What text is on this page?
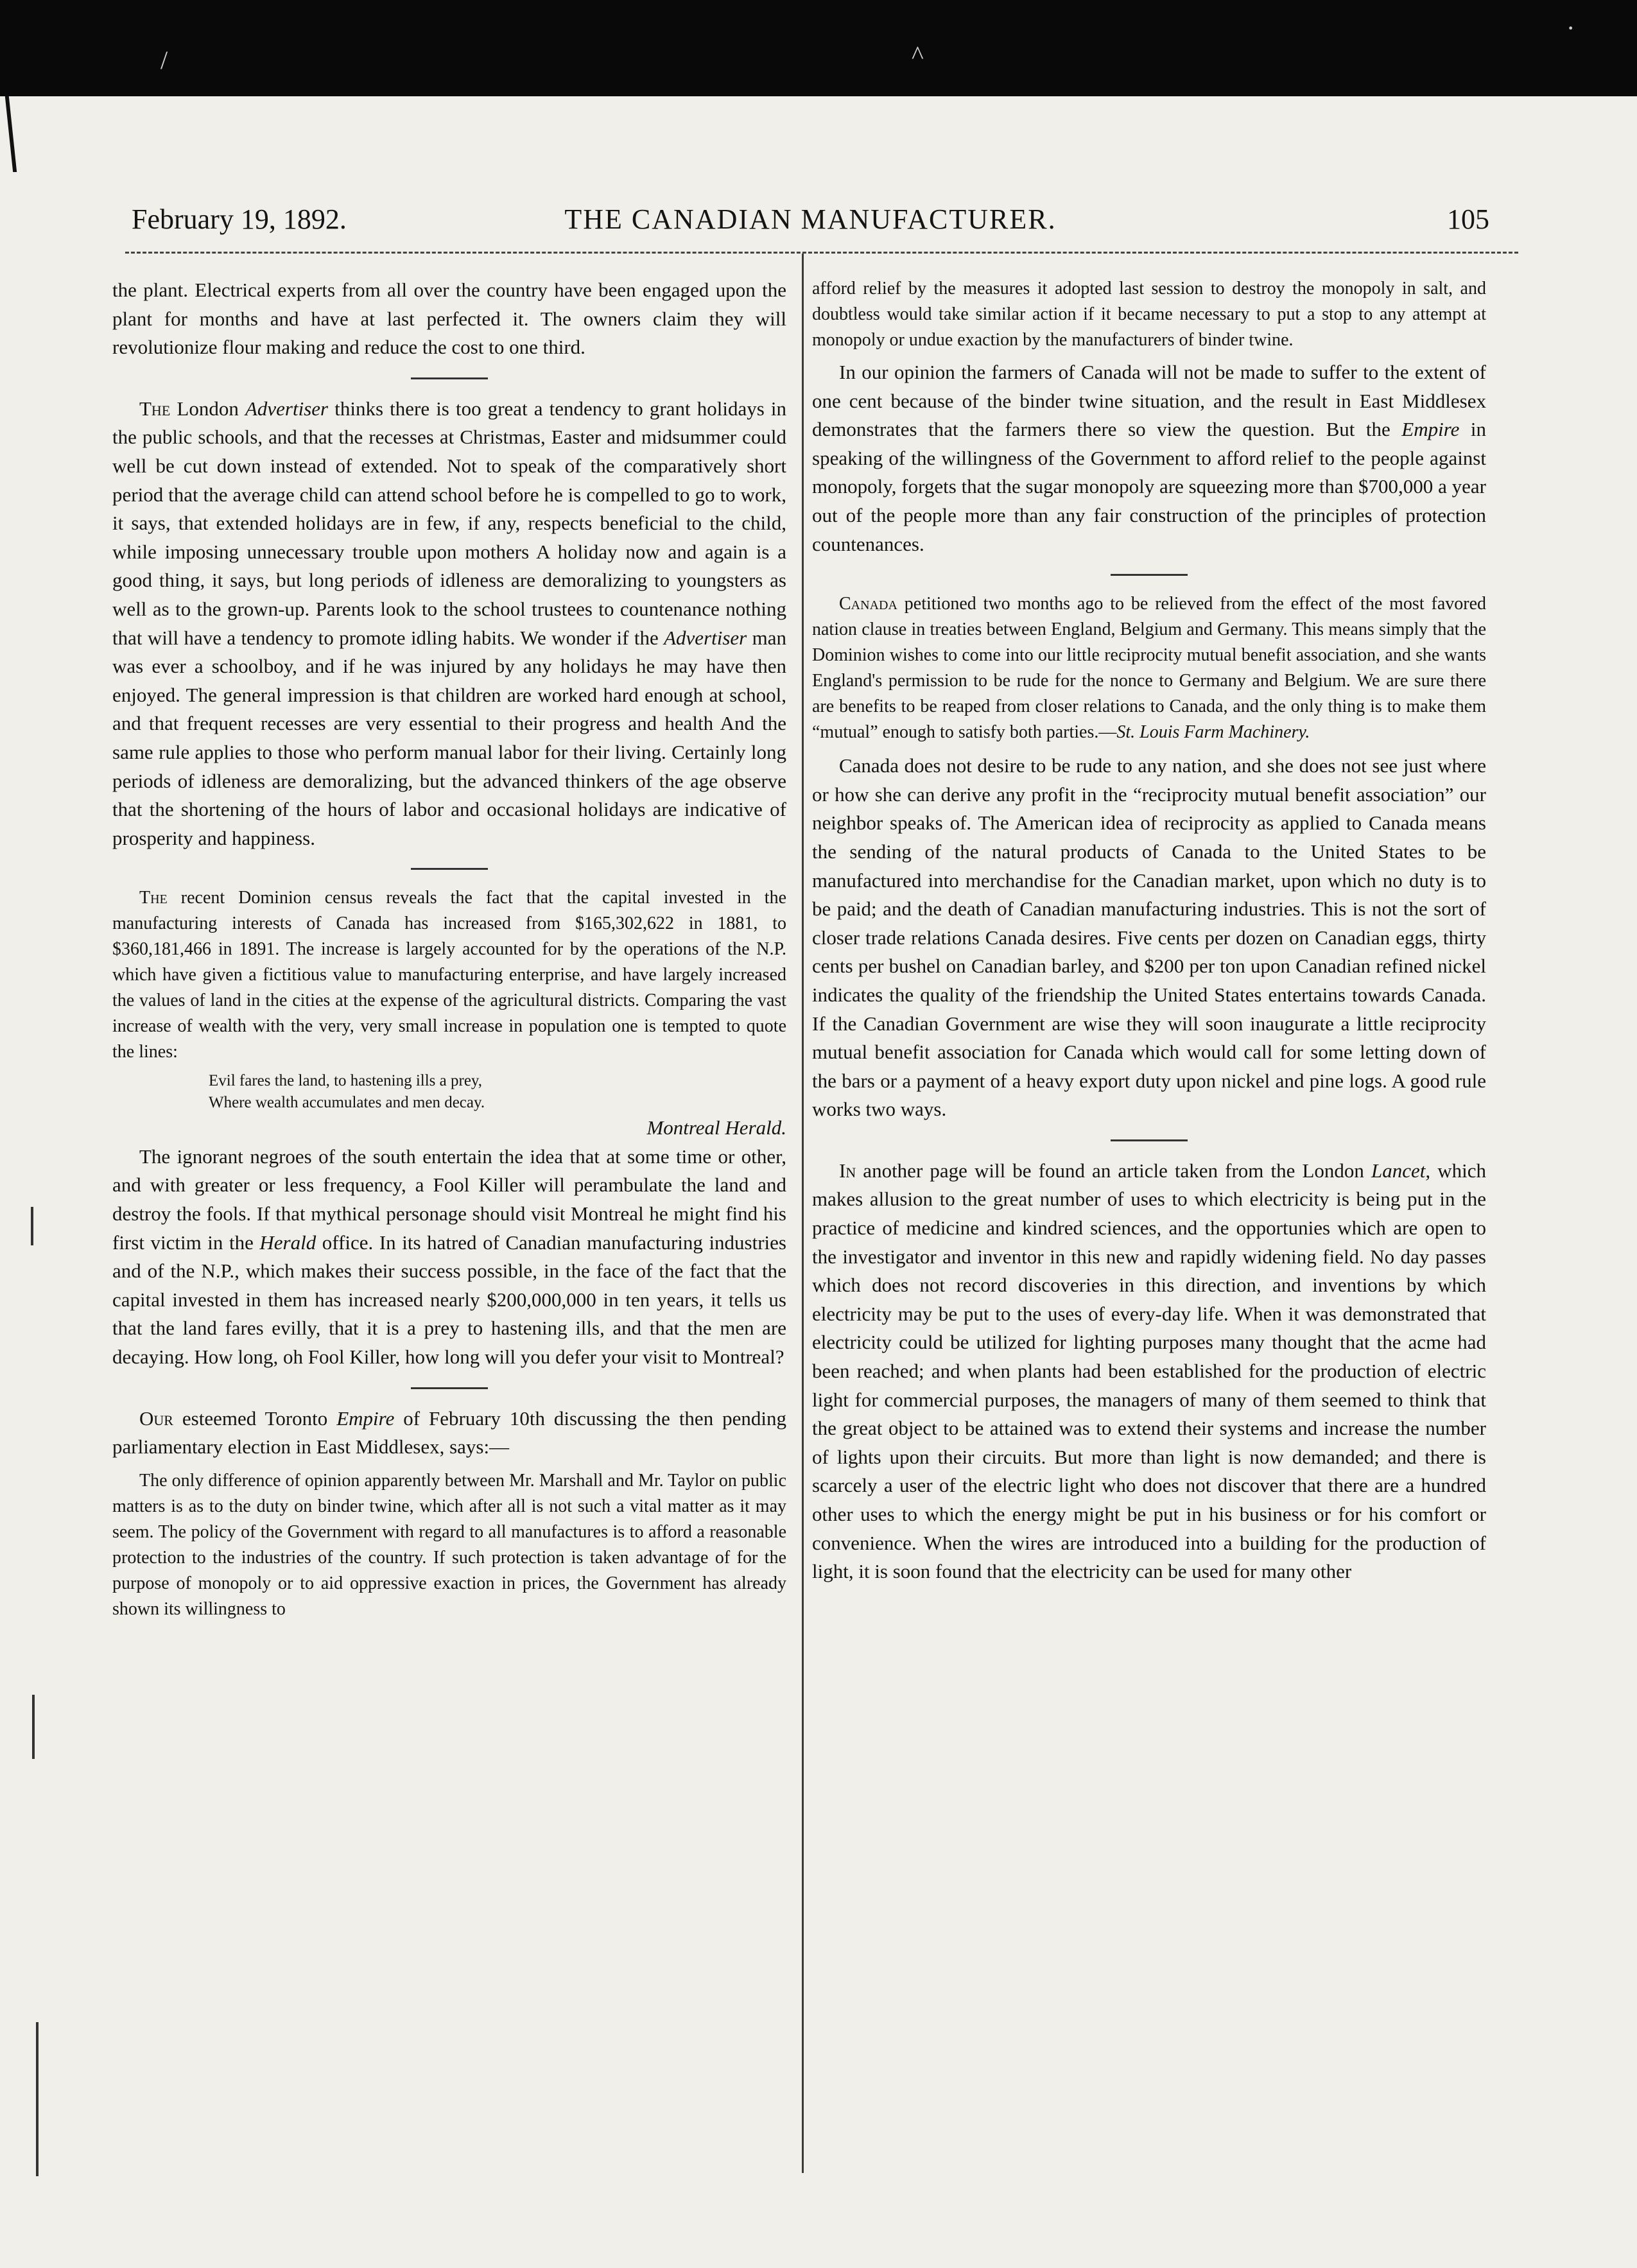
/	^
·
February 19, 1892.	THE CANADIAN MANUFACTURER.	105

the plant. Electrical experts from all over the country have been engaged upon the plant for months and have at last perfected it. The owners claim they will revolutionize flour making and reduce the cost to one third.

The London Advertiser thinks there is too great a tendency to grant holidays in the public schools, and that the recesses at Christmas, Easter and midsummer could well be cut down instead of extended. Not to speak of the comparatively short period that the average child can attend school before he is compelled to go to work, it says, that extended holidays are in few, if any, respects beneficial to the child, while imposing unnecessary trouble upon mothers A holiday now and again is a good thing, it says, but long periods of idleness are demoralizing to youngsters as well as to the grown-up. Parents look to the school trustees to countenance nothing that will have a tendency to promote idling habits. We wonder if the Advertiser man was ever a schoolboy, and if he was injured by any holidays he may have then enjoyed. The general impression is that children are worked hard enough at school, and that frequent recesses are very essential to their progress and health And the same rule applies to those who perform manual labor for their living. Certainly long periods of idleness are demoralizing, but the advanced thinkers of the age observe that the shortening of the hours of labor and occasional holidays are indicative of prosperity and happiness.

The recent Dominion census reveals the fact that the capital invested in the manufacturing interests of Canada has increased from $165,302,622 in 1881, to $360,181,466 in 1891. The increase is largely accounted for by the operations of the N.P. which have given a fictitious value to manufacturing enterprise, and have largely increased the values of land in the cities at the expense of the agricultural districts. Comparing the vast increase of wealth with the very, very small increase in population one is tempted to quote the lines:

Evil fares the land, to hastening ills a prey,

Where wealth accumulates and men decay.

Montreal Herald.

The ignorant negroes of the south entertain the idea that at some time or other, and with greater or less frequency, a Fool Killer will perambulate the land and destroy the fools. If that mythical personage should visit Montreal he might find his first victim in the Herald office. In its hatred of Canadian manufacturing industries and of the N.P., which makes their success possible, in the face of the fact that the capital invested in them has increased nearly $200,000,000 in ten years, it tells us that the land fares evilly, that it is a prey to hastening ills, and that the men are decaying. How long, oh Fool Killer, how long will you defer your visit to Montreal?

Our esteemed Toronto Empire of February 10th discussing the then pending parliamentary election in East Middlesex, says:—

The only difference of opinion apparently between Mr. Marshall and Mr. Taylor on public matters is as to the duty on binder twine, which after all is not such a vital matter as it may seem. The policy of the Government with regard to all manufactures is to afford a reasonable protection to the industries of the country. If such protection is taken advantage of for the purpose of monopoly or to aid oppressive exaction in prices, the Government has already shown its willingness to

afford relief by the measures it adopted last session to destroy the monopoly in salt, and doubtless would take similar action if it became necessary to put a stop to any attempt at monopoly or undue exaction by the manufacturers of binder twine.

In our opinion the farmers of Canada will not be made to suffer to the extent of one cent because of the binder twine situation, and the result in East Middlesex demonstrates that the farmers there so view the question. But the Empire in speaking of the willingness of the Government to afford relief to the people against monopoly, forgets that the sugar monopoly are squeezing more than $700,000 a year out of the people more than any fair construction of the principles of protection countenances.

Canada petitioned two months ago to be relieved from the effect of the most favored nation clause in treaties between England, Belgium and Germany. This means simply that the Dominion wishes to come into our little reciprocity mutual benefit association, and she wants England's permission to be rude for the nonce to Germany and Belgium. We are sure there are benefits to be reaped from closer relations to Canada, and the only thing is to make them “mutual” enough to satisfy both parties.—St. Louis Farm Machinery.

Canada does not desire to be rude to any nation, and she does not see just where or how she can derive any profit in the “reciprocity mutual benefit association” our neighbor speaks of. The American idea of reciprocity as applied to Canada means the sending of the natural products of Canada to the United States to be manufactured into merchandise for the Canadian market, upon which no duty is to be paid; and the death of Canadian manufacturing industries. This is not the sort of closer trade relations Canada desires. Five cents per dozen on Canadian eggs, thirty cents per bushel on Canadian barley, and $200 per ton upon Canadian refined nickel indicates the quality of the friendship the United States entertains towards Canada. If the Canadian Government are wise they will soon inaugurate a little reciprocity mutual benefit association for Canada which would call for some letting down of the bars or a payment of a heavy export duty upon nickel and pine logs. A good rule works two ways.

In another page will be found an article taken from the London Lancet, which makes allusion to the great number of uses to which electricity is being put in the practice of medicine and kindred sciences, and the opportunies which are open to the investigator and inventor in this new and rapidly widening field. No day passes which does not record discoveries in this direction, and inventions by which electricity may be put to the uses of every-day life. When it was demonstrated that electricity could be utilized for lighting purposes many thought that the acme had been reached; and when plants had been established for the production of electric light for commercial purposes, the managers of many of them seemed to think that the great object to be attained was to extend their systems and increase the number of lights upon their circuits. But more than light is now demanded; and there is scarcely a user of the electric light who does not discover that there are a hundred other uses to which the energy might be put in his business or for his comfort or convenience. When the wires are introduced into a building for the production of light, it is soon found that the electricity can be used for many other
